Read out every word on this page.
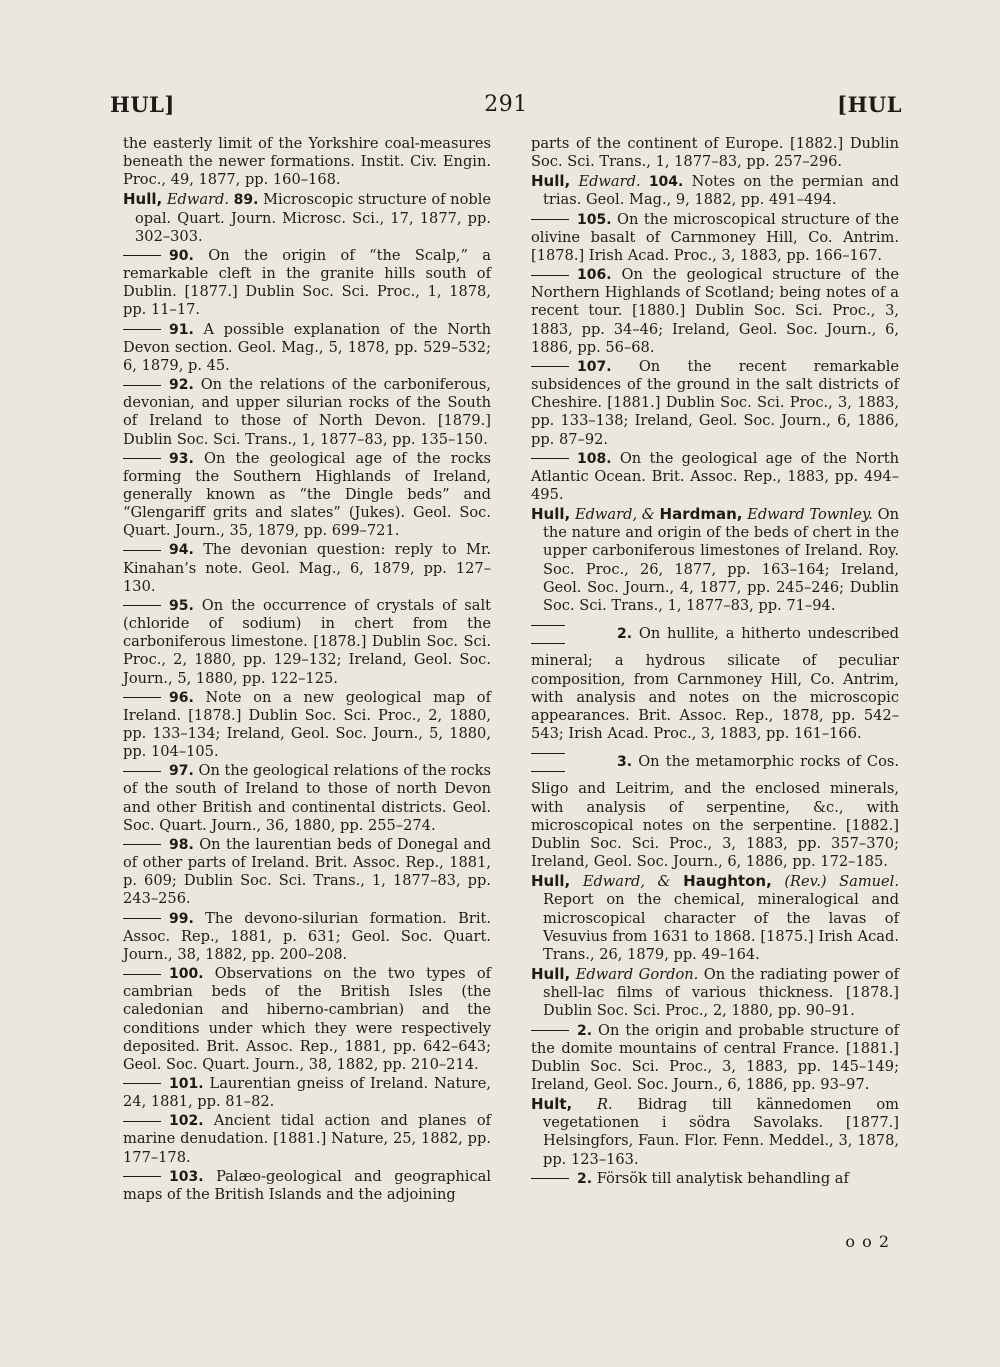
HUL]	291	[HUL

the easterly limit of the Yorkshire coal-measures beneath the newer formations. Instit. Civ. Engin. Proc., 49, 1877, pp. 160–168.

Hull, Edward. 89. Microscopic structure of noble opal. Quart. Journ. Microsc. Sci., 17, 1877, pp. 302–303.

90. On the origin of “the Scalp,” a remarkable cleft in the granite hills south of Dublin. [1877.] Dublin Soc. Sci. Proc., 1, 1878, pp. 11–17.

91. A possible explanation of the North Devon section. Geol. Mag., 5, 1878, pp. 529–532; 6, 1879, p. 45.

92. On the relations of the carboniferous, devonian, and upper silurian rocks of the South of Ireland to those of North Devon. [1879.] Dublin Soc. Sci. Trans., 1, 1877–83, pp. 135–150.

93. On the geological age of the rocks forming the Southern Highlands of Ireland, generally known as “the Dingle beds” and “Glengariff grits and slates” (Jukes). Geol. Soc. Quart. Journ., 35, 1879, pp. 699–721.

94. The devonian question: reply to Mr. Kinahan’s note. Geol. Mag., 6, 1879, pp. 127–130.

95. On the occurrence of crystals of salt (chloride of sodium) in chert from the carboniferous limestone. [1878.] Dublin Soc. Sci. Proc., 2, 1880, pp. 129–132; Ireland, Geol. Soc. Journ., 5, 1880, pp. 122–125.

96. Note on a new geological map of Ireland. [1878.] Dublin Soc. Sci. Proc., 2, 1880, pp. 133–134; Ireland, Geol. Soc. Journ., 5, 1880, pp. 104–105.

97. On the geological relations of the rocks of the south of Ireland to those of north Devon and other British and continental districts. Geol. Soc. Quart. Journ., 36, 1880, pp. 255–274.

98. On the laurentian beds of Donegal and of other parts of Ireland. Brit. Assoc. Rep., 1881, p. 609; Dublin Soc. Sci. Trans., 1, 1877–83, pp. 243–256.

99. The devono-silurian formation. Brit. Assoc. Rep., 1881, p. 631; Geol. Soc. Quart. Journ., 38, 1882, pp. 200–208.

100. Observations on the two types of cambrian beds of the British Isles (the caledonian and hiberno-cambrian) and the conditions under which they were respectively deposited. Brit. Assoc. Rep., 1881, pp. 642–643; Geol. Soc. Quart. Journ., 38, 1882, pp. 210–214.

101. Laurentian gneiss of Ireland. Nature, 24, 1881, pp. 81–82.

102. Ancient tidal action and planes of marine denudation. [1881.] Nature, 25, 1882, pp. 177–178.

103. Palæo-geological and geographical maps of the British Islands and the adjoining

parts of the continent of Europe. [1882.] Dublin Soc. Sci. Trans., 1, 1877–83, pp. 257–296.

Hull, Edward. 104. Notes on the permian and trias. Geol. Mag., 9, 1882, pp. 491–494.

105. On the microscopical structure of the olivine basalt of Carnmoney Hill, Co. Antrim. [1878.] Irish Acad. Proc., 3, 1883, pp. 166–167.

106. On the geological structure of the Northern Highlands of Scotland; being notes of a recent tour. [1880.] Dublin Soc. Sci. Proc., 3, 1883, pp. 34–46; Ireland, Geol. Soc. Journ., 6, 1886, pp. 56–68.

107. On the recent remarkable subsidences of the ground in the salt districts of Cheshire. [1881.] Dublin Soc. Sci. Proc., 3, 1883, pp. 133–138; Ireland, Geol. Soc. Journ., 6, 1886, pp. 87–92.

108. On the geological age of the North Atlantic Ocean. Brit. Assoc. Rep., 1883, pp. 494–495.

Hull, Edward, & Hardman, Edward Townley. On the nature and origin of the beds of chert in the upper carboniferous limestones of Ireland. Roy. Soc. Proc., 26, 1877, pp. 163–164; Ireland, Geol. Soc. Journ., 4, 1877, pp. 245–246; Dublin Soc. Sci. Trans., 1, 1877–83, pp. 71–94.

2. On hullite, a hitherto undescribed mineral; a hydrous silicate of peculiar composition, from Carnmoney Hill, Co. Antrim, with analysis and notes on the microscopic appearances. Brit. Assoc. Rep., 1878, pp. 542–543; Irish Acad. Proc., 3, 1883, pp. 161–166.

3. On the metamorphic rocks of Cos. Sligo and Leitrim, and the enclosed minerals, with analysis of serpentine, &c., with microscopical notes on the serpentine. [1882.] Dublin Soc. Sci. Proc., 3, 1883, pp. 357–370; Ireland, Geol. Soc. Journ., 6, 1886, pp. 172–185.

Hull, Edward, & Haughton, (Rev.) Samuel. Report on the chemical, mineralogical and microscopical character of the lavas of Vesuvius from 1631 to 1868. [1875.] Irish Acad. Trans., 26, 1879, pp. 49–164.

Hull, Edward Gordon. On the radiating power of shell-lac films of various thickness. [1878.] Dublin Soc. Sci. Proc., 2, 1880, pp. 90–91.

2. On the origin and probable structure of the domite mountains of central France. [1881.] Dublin Soc. Sci. Proc., 3, 1883, pp. 145–149; Ireland, Geol. Soc. Journ., 6, 1886, pp. 93–97.

Hult, R. Bidrag till kännedomen om vegetationen i södra Savolaks. [1877.] Helsingfors, Faun. Flor. Fenn. Meddel., 3, 1878, pp. 123–163.

2. Försök till analytisk behandling af

o o 2
